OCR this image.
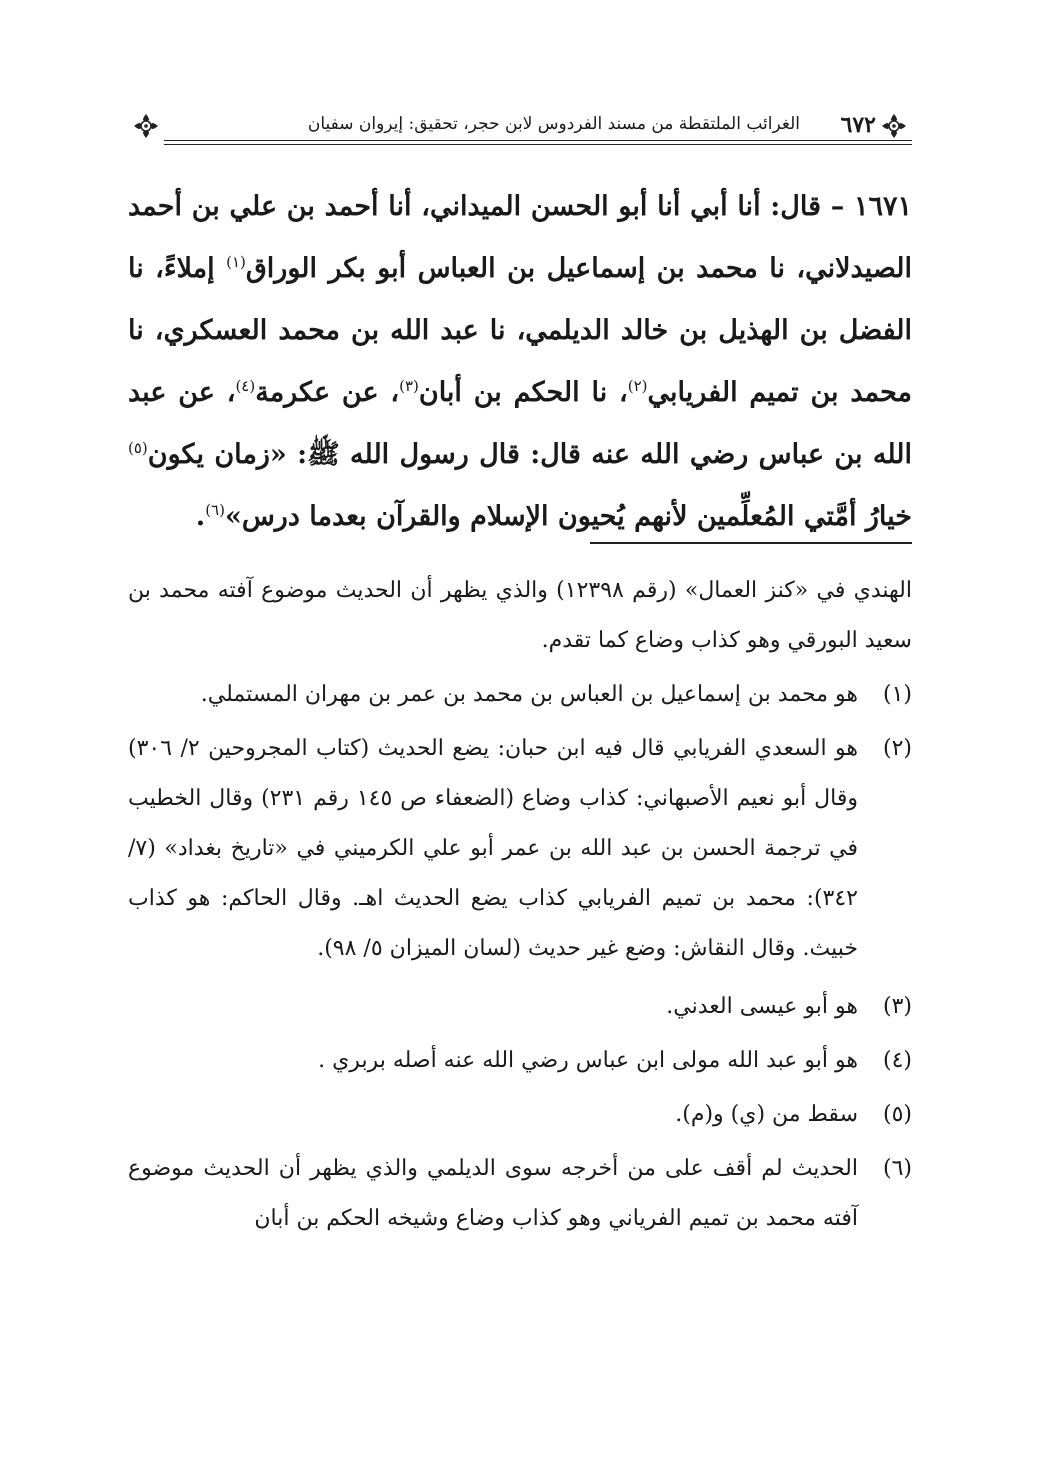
٦٧٢
الغرائب الملتقطة من مسند الفردوس لابن حجر، تحقيق: إيروان سفيان

١٦٧١ – قال: أنا أبي أنا أبو الحسن الميداني، أنا أحمد بن علي بن أحمد الصيدلاني، نا محمد بن إسماعيل بن العباس أبو بكر الوراق$^{(١)}$ إملاءً، نا الفضل بن الهذيل بن خالد الديلمي، نا عبد الله بن محمد العسكري، نا محمد بن تميم الفريابي$^{(٢)}$، نا الحكم بن أبان$^{(٣)}$، عن عكرمة$^{(٤)}$، عن عبد الله بن عباس رضي الله عنه قال: قال رسول الله ﷺ: «زمان يكون$^{(٥)}$ خيارُ أمَّتي المُعلِّمين لأنهم يُحيون الإسلام والقرآن بعدما درس»$^{(٦)}$.

الهندي في «كنز العمال» (رقم ١٢٣٩٨) والذي يظهر أن الحديث موضوع آفته محمد بن سعيد البورقي وهو كذاب وضاع كما تقدم.

(١)
هو محمد بن إسماعيل بن العباس بن محمد بن عمر بن مهران المستملي.
(٢)
هو السعدي الفريابي قال فيه ابن حبان: يضع الحديث (كتاب المجروحين ٢/ ٣٠٦) وقال أبو نعيم الأصبهاني: كذاب وضاع (الضعفاء ص ١٤٥ رقم ٢٣١) وقال الخطيب في ترجمة الحسن بن عبد الله بن عمر أبو علي الكرميني في «تاريخ بغداد» (٧/ ٣٤٢): محمد بن تميم الفريابي كذاب يضع الحديث اهـ. وقال الحاكم: هو كذاب خبيث. وقال النقاش: وضع غير حديث (لسان الميزان ٥/ ٩٨).
(٣)
هو أبو عيسى العدني.
(٤)
هو أبو عبد الله مولى ابن عباس رضي الله عنه أصله بربري .
(٥)
سقط من (ي) و(م).
(٦)
الحديث لم أقف على من أخرجه سوى الديلمي والذي يظهر أن الحديث موضوع آفته محمد بن تميم الفرياني وهو كذاب وضاع وشيخه الحكم بن أبان
